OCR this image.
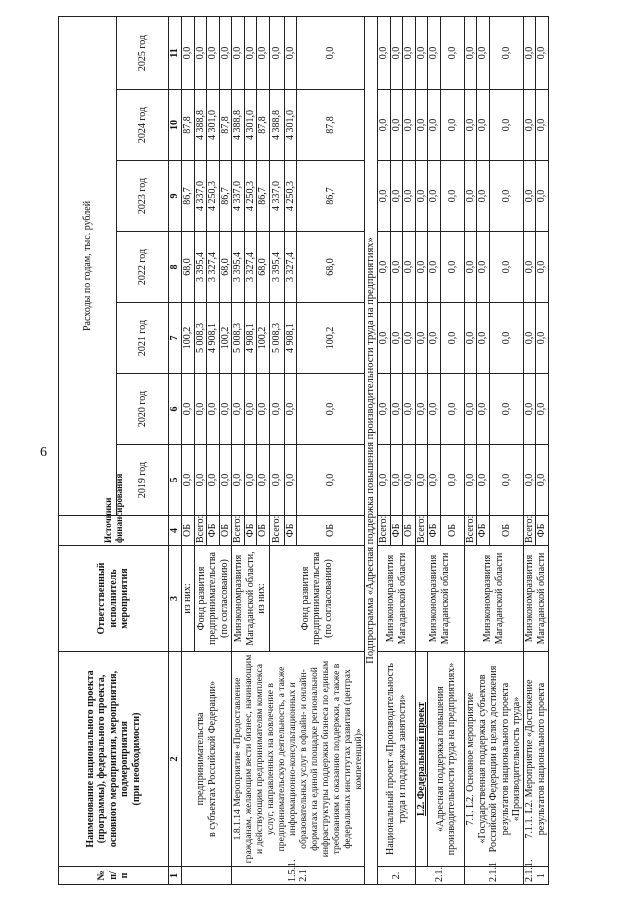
6
№
п/п	Наименование национального проекта (программы), федерального проекта, основного мероприятия, мероприятия, подмероприятия
(при необходимости)	Ответственный исполнитель мероприятия	Источники финансирования	Расходы по годам, тыс. рублей						
				2019 год	2020 год	2021 год	2022 год	2023 год	2024 год	2025 год
1	2	3	4	5	6	7	8	9	10	11
	предпринимательства
в субъектах Российской Федерации»	из них:	ОБ	0,0	0,0	100,2	68,0	86,7	87,8	0,0
		Фонд развития предпринимательства (по согласованию)	Всего:	0,0	0,0	5 008,3	3 395,4	4 337,0	4 388,8	0,0
			ФБ	0,0	0,0	4 908,1	3 327,4	4 250,3	4 301,0	0,0
			ОБ	0,0	0,0	100,2	68,0	86,7	87,8	0,0
1.5.1.
2.1	1.8.1.14 Мероприятие «Предоставление гражданам, желающим вести бизнес, начинающим и действующим предпринимателям комплекса услуг, направленных на вовлечение в предпринимательскую деятельность, а также информационно-консультационных и образовательных услуг в офлайн- и онлайн-форматах на единой площадке региональной инфраструктуры поддержки бизнеса по единым требованиям к оказанию поддержки, а также в федеральных институтах развития (центрах компетенций)»	Минэкономразвития Магаданской области,
из них:	Всего:	0,0	0,0	5 008,3	3 395,4	4 337,0	4 388,8	0,0
			ФБ	0,0	0,0	4 908,1	3 327,4	4 250,3	4 301,0	0,0
			ОБ	0,0	0,0	100,2	68,0	86,7	87,8	0,0
		Фонд развития предпринимательства (по согласованию)	Всего:	0,0	0,0	5 008,3	3 395,4	4 337,0	4 388,8	0,0
			ФБ	0,0	0,0	4 908,1	3 327,4	4 250,3	4 301,0	0,0
			ОБ	0,0	0,0	100,2	68,0	86,7	87,8	0,0
Подпрограмма «Адресная поддержка повышения производительности труда на предприятиях»										
2.	Национальный проект «Производительность труда и поддержка занятости»	Минэкономразвития Магаданской области	Всего:	0,0	0,0	0,0	0,0	0,0	0,0	0,0
			ФБ	0,0	0,0	0,0	0,0	0,0	0,0	0,0
			ОБ	0,0	0,0	0,0	0,0	0,0	0,0	0,0
2.1.	L2. Федеральный проект	Минэкономразвития Магаданской области	Всего:	0,0	0,0	0,0	0,0	0,0	0,0	0,0
	«Адресная поддержка повышения производительности труда на предприятиях»		ФБ	0,0	0,0	0,0	0,0	0,0	0,0	0,0
			ОБ	0,0	0,0	0,0	0,0	0,0	0,0	0,0
2.1.1	7.1. L2. Основное мероприятие «Государственная поддержка субъектов Российской Федерации в целях достижения результатов национального проекта «Производительность труда»	Минэкономразвития Магаданской области	Всего:	0,0	0,0	0,0	0,0	0,0	0,0	0,0
			ФБ	0,0	0,0	0,0	0,0	0,0	0,0	0,0
			ОБ	0,0	0,0	0,0	0,0	0,0	0,0	0,0
2.1.1.
1	7.1.1. L2. Мероприятие «Достижение результатов национального проекта	Минэкономразвития Магаданской области	Всего:	0,0	0,0	0,0	0,0	0,0	0,0	0,0
			ФБ	0,0	0,0	0,0	0,0	0,0	0,0	0,0
